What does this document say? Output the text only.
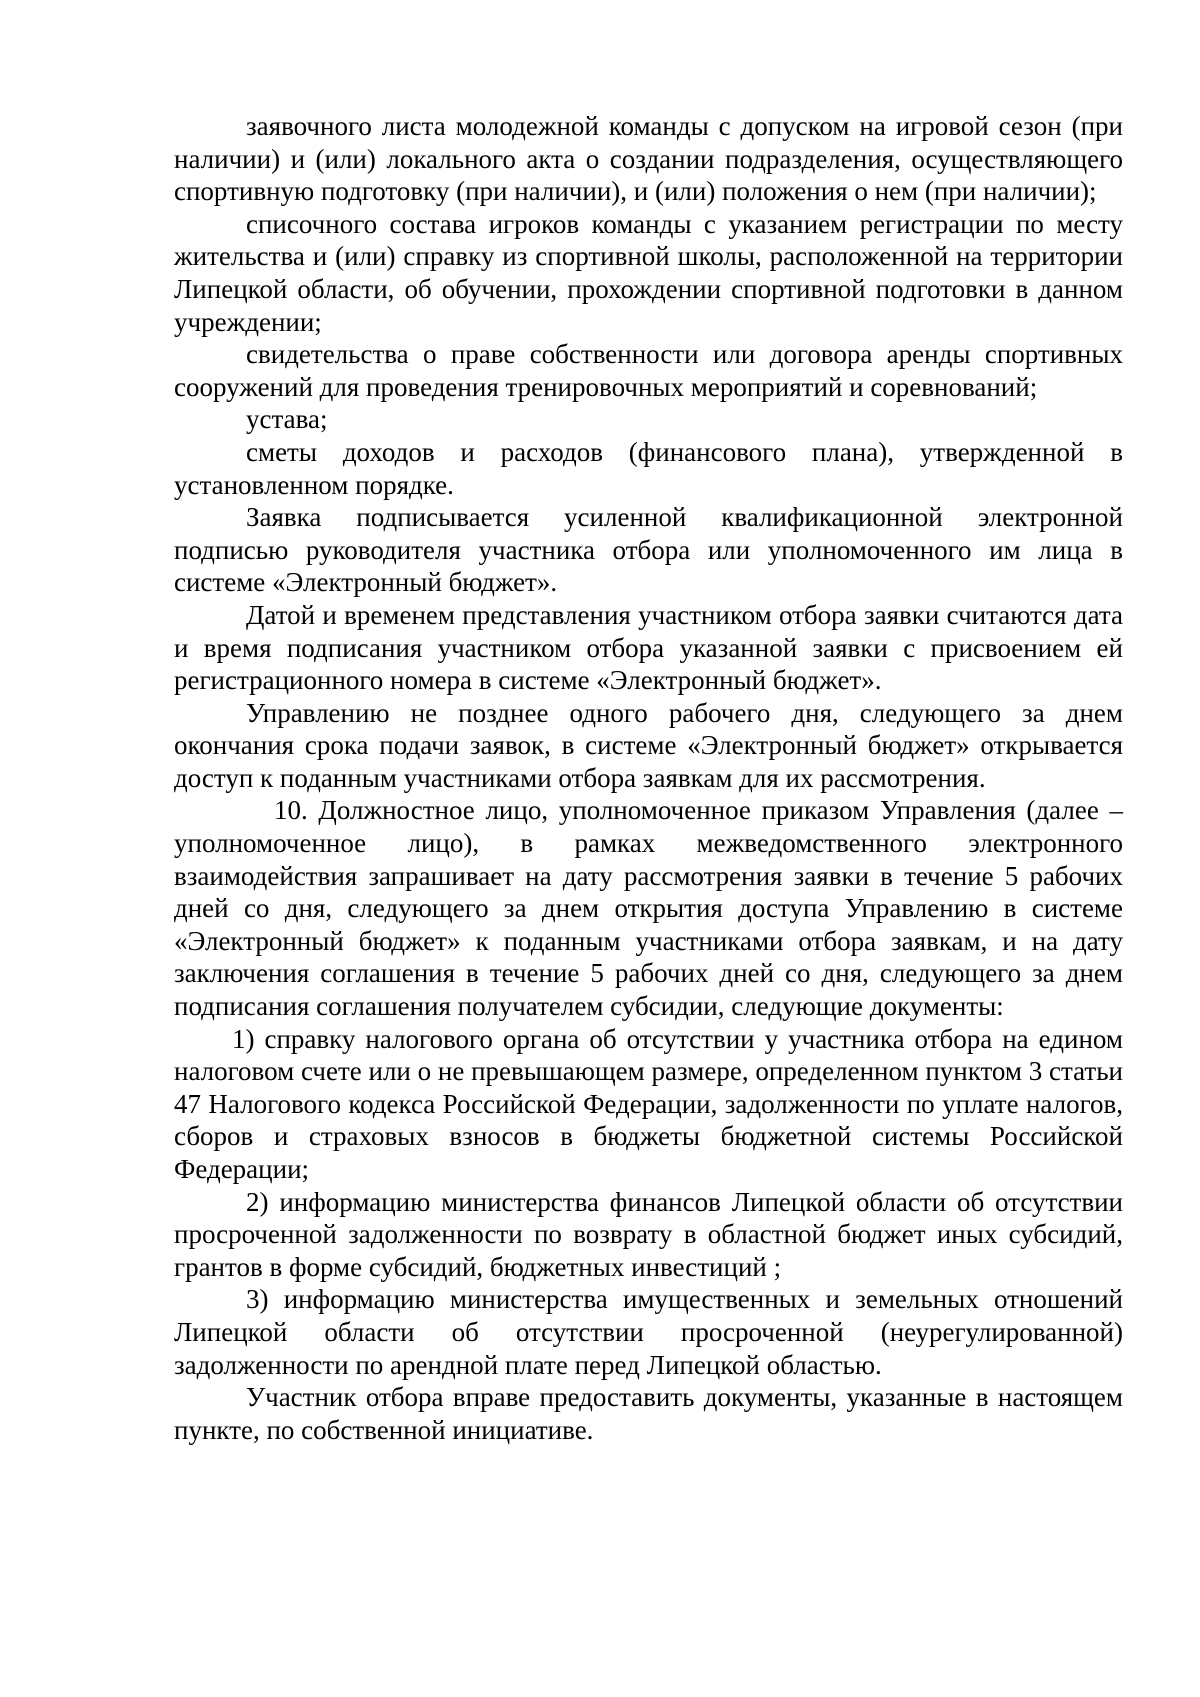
заявочного листа молодежной команды с допуском на игровой сезон (при наличии) и (или) локального акта о создании подразделения, осуществляющего спортивную подготовку (при наличии), и (или) положения о нем (при наличии);

списочного состава игроков команды с указанием регистрации по месту жительства и (или) справку из спортивной школы, расположенной на территории Липецкой области, об обучении, прохождении спортивной подготовки в данном учреждении;

свидетельства о праве собственности или договора аренды спортивных сооружений для проведения тренировочных мероприятий и соревнований;

устава;

сметы доходов и расходов (финансового плана), утвержденной в установленном порядке.

Заявка подписывается усиленной квалификационной электронной подписью руководителя участника отбора или уполномоченного им лица в системе «Электронный бюджет».

Датой и временем представления участником отбора заявки считаются дата и время подписания участником отбора указанной заявки с присвоением ей регистрационного номера в системе «Электронный бюджет».

Управлению не позднее одного рабочего дня, следующего за днем окончания срока подачи заявок, в системе «Электронный бюджет» открывается доступ к поданным участниками отбора заявкам для их рассмотрения.

10. Должностное лицо, уполномоченное приказом Управления (далее – уполномоченное лицо), в рамках межведомственного электронного взаимодействия запрашивает на дату рассмотрения заявки в течение 5 рабочих дней со дня, следующего за днем открытия доступа Управлению в системе «Электронный бюджет» к поданным участниками отбора заявкам, и на дату заключения соглашения в течение 5 рабочих дней со дня, следующего за днем подписания соглашения получателем субсидии, следующие документы:

1) справку налогового органа об отсутствии у участника отбора на едином налоговом счете или о не превышающем размере, определенном пунктом 3 статьи 47 Налогового кодекса Российской Федерации, задолженности по уплате налогов, сборов и страховых взносов в бюджеты бюджетной системы Российской Федерации;

2) информацию министерства финансов Липецкой области об отсутствии просроченной задолженности по возврату в областной бюджет иных субсидий, грантов в форме субсидий, бюджетных инвестиций ;

3) информацию министерства имущественных и земельных отношений Липецкой области об отсутствии просроченной (неурегулированной) задолженности по арендной плате перед Липецкой областью.

Участник отбора вправе предоставить документы, указанные в настоящем пункте, по собственной инициативе.
